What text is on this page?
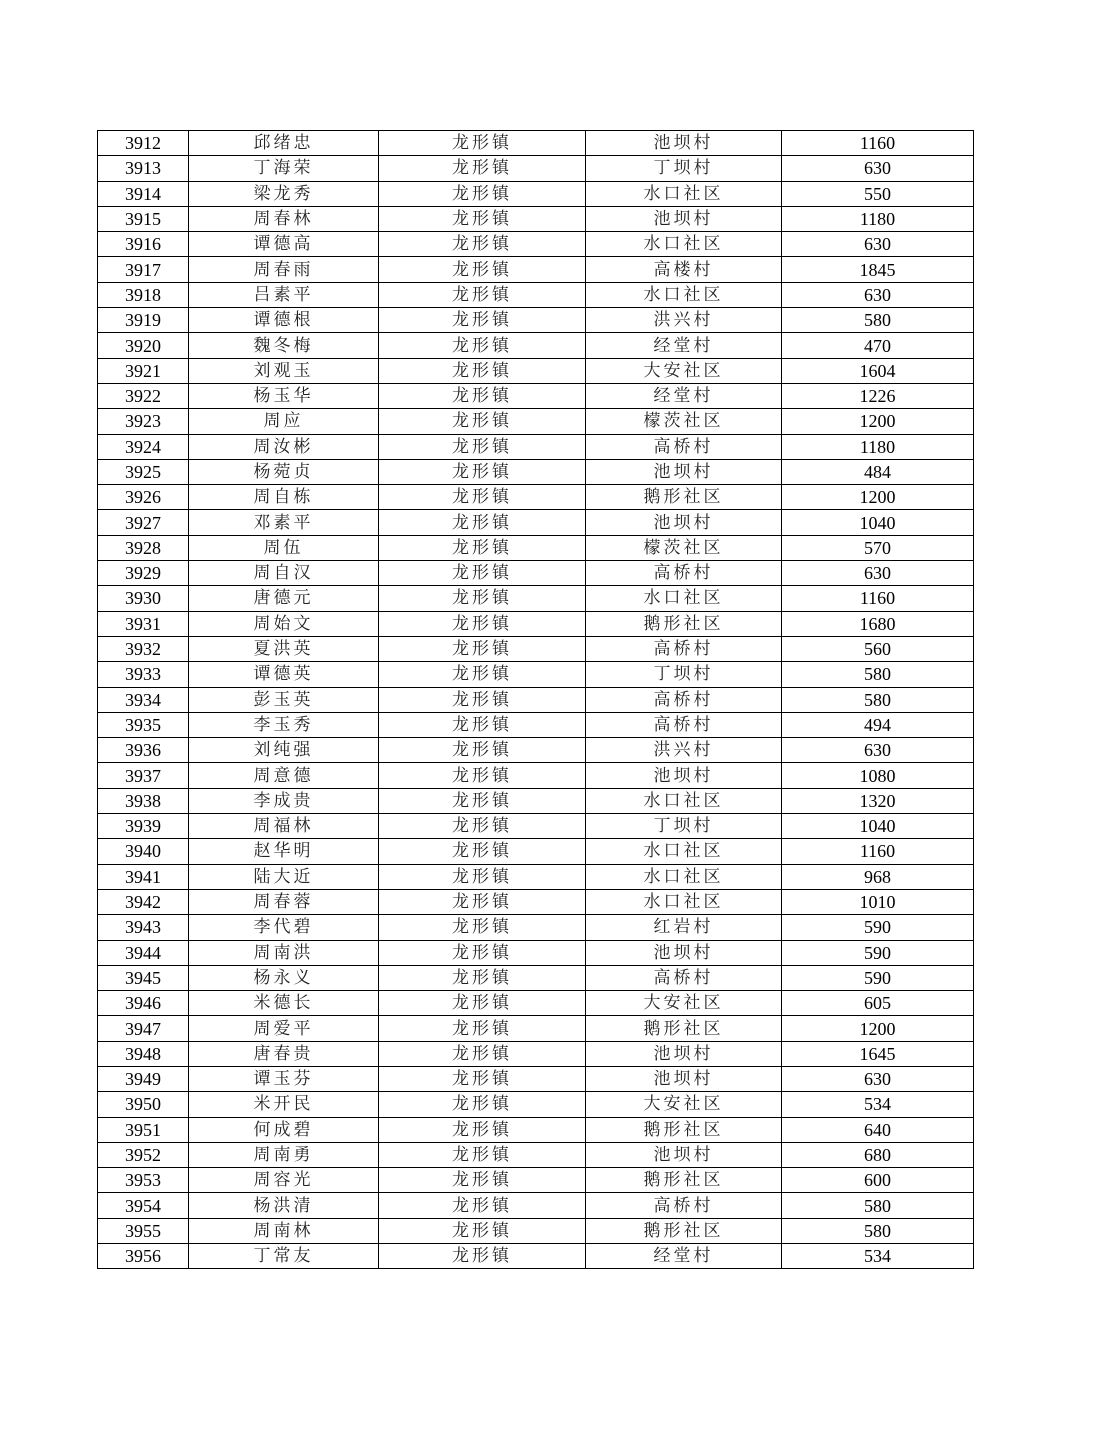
3912	邱绪忠	龙形镇	池坝村	1160
3913	丁海荣	龙形镇	丁坝村	630
3914	梁龙秀	龙形镇	水口社区	550
3915	周春林	龙形镇	池坝村	1180
3916	谭德高	龙形镇	水口社区	630
3917	周春雨	龙形镇	高楼村	1845
3918	吕素平	龙形镇	水口社区	630
3919	谭德根	龙形镇	洪兴村	580
3920	魏冬梅	龙形镇	经堂村	470
3921	刘观玉	龙形镇	大安社区	1604
3922	杨玉华	龙形镇	经堂村	1226
3923	周应	龙形镇	檬茨社区	1200
3924	周汝彬	龙形镇	高桥村	1180
3925	杨菀贞	龙形镇	池坝村	484
3926	周自栋	龙形镇	鹅形社区	1200
3927	邓素平	龙形镇	池坝村	1040
3928	周伍	龙形镇	檬茨社区	570
3929	周自汉	龙形镇	高桥村	630
3930	唐德元	龙形镇	水口社区	1160
3931	周始文	龙形镇	鹅形社区	1680
3932	夏洪英	龙形镇	高桥村	560
3933	谭德英	龙形镇	丁坝村	580
3934	彭玉英	龙形镇	高桥村	580
3935	李玉秀	龙形镇	高桥村	494
3936	刘纯强	龙形镇	洪兴村	630
3937	周意德	龙形镇	池坝村	1080
3938	李成贵	龙形镇	水口社区	1320
3939	周福林	龙形镇	丁坝村	1040
3940	赵华明	龙形镇	水口社区	1160
3941	陆大近	龙形镇	水口社区	968
3942	周春蓉	龙形镇	水口社区	1010
3943	李代碧	龙形镇	红岩村	590
3944	周南洪	龙形镇	池坝村	590
3945	杨永义	龙形镇	高桥村	590
3946	米德长	龙形镇	大安社区	605
3947	周爱平	龙形镇	鹅形社区	1200
3948	唐春贵	龙形镇	池坝村	1645
3949	谭玉芬	龙形镇	池坝村	630
3950	米开民	龙形镇	大安社区	534
3951	何成碧	龙形镇	鹅形社区	640
3952	周南勇	龙形镇	池坝村	680
3953	周容光	龙形镇	鹅形社区	600
3954	杨洪清	龙形镇	高桥村	580
3955	周南林	龙形镇	鹅形社区	580
3956	丁常友	龙形镇	经堂村	534
